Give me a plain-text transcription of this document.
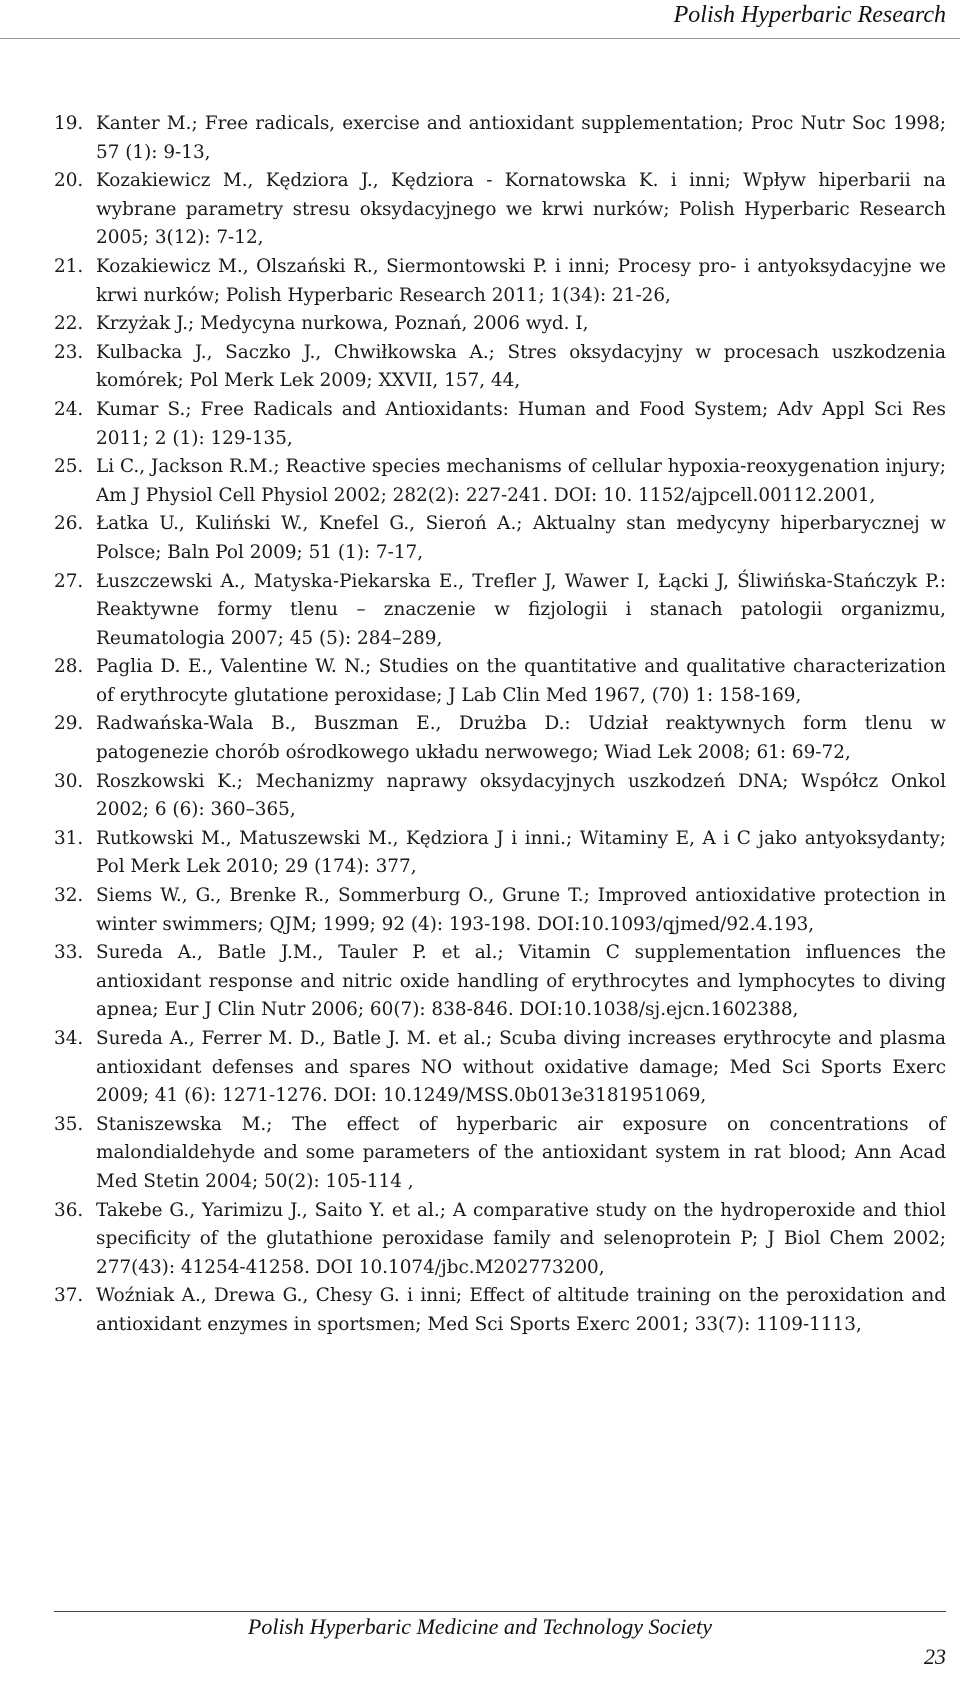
Polish Hyperbaric Research
19. Kanter M.; Free radicals, exercise and antioxidant supplementation; Proc Nutr Soc 1998; 57 (1): 9-13,
20. Kozakiewicz M., Kędziora J., Kędziora - Kornatowska K. i inni; Wpływ hiperbarii na wybrane parametry stresu oksydacyjnego we krwi nurków; Polish Hyperbaric Research 2005; 3(12): 7-12,
21. Kozakiewicz M., Olszański R., Siermontowski P. i inni; Procesy pro- i antyoksydacyjne we krwi nurków; Polish Hyperbaric Research 2011; 1(34): 21-26,
22. Krzyżak J.; Medycyna nurkowa, Poznań, 2006 wyd. I,
23. Kulbacka J., Saczko J., Chwiłkowska A.; Stres oksydacyjny w procesach uszkodzenia komórek; Pol Merk Lek 2009; XXVII, 157, 44,
24. Kumar S.; Free Radicals and Antioxidants: Human and Food System; Adv Appl Sci Res 2011; 2 (1): 129-135,
25. Li C., Jackson R.M.; Reactive species mechanisms of cellular hypoxia-reoxygenation injury; Am J Physiol Cell Physiol 2002; 282(2): 227-241. DOI: 10. 1152/ajpcell.00112.2001,
26. Łatka U., Kuliński W., Knefel G., Sieroń A.; Aktualny stan medycyny hiperbarycznej w Polsce; Baln Pol 2009; 51 (1): 7-17,
27. Łuszczewski A., Matyska-Piekarska E., Trefler J, Wawer I, Łącki J, Śliwińska-Stańczyk P.: Reaktywne formy tlenu – znaczenie w fizjologii i stanach patologii organizmu, Reumatologia 2007; 45 (5): 284–289,
28. Paglia D. E., Valentine W. N.; Studies on the quantitative and qualitative characterization of erythrocyte glutatione peroxidase; J Lab Clin Med 1967, (70) 1: 158-169,
29. Radwańska-Wala B., Buszman E., Drużba D.: Udział reaktywnych form tlenu w patogenezie chorób ośrodkowego układu nerwowego; Wiad Lek 2008; 61: 69-72,
30. Roszkowski K.; Mechanizmy naprawy oksydacyjnych uszkodzeń DNA; Współcz Onkol 2002; 6 (6): 360–365,
31. Rutkowski M., Matuszewski M., Kędziora J i inni.; Witaminy E, A i C jako antyoksydanty; Pol Merk Lek 2010; 29 (174): 377,
32. Siems W., G., Brenke R., Sommerburg O., Grune T.; Improved antioxidative protection in winter swimmers; QJM; 1999; 92 (4): 193-198. DOI:10.1093/qjmed/92.4.193,
33. Sureda A., Batle J.M., Tauler P. et al.; Vitamin C supplementation influences the antioxidant response and nitric oxide handling of erythrocytes and lymphocytes to diving apnea; Eur J Clin Nutr 2006; 60(7): 838-846. DOI:10.1038/sj.ejcn.1602388,
34. Sureda A., Ferrer M. D., Batle J. M. et al.; Scuba diving increases erythrocyte and plasma antioxidant defenses and spares NO without oxidative damage; Med Sci Sports Exerc 2009; 41 (6): 1271-1276. DOI: 10.1249/MSS.0b013e3181951069,
35. Staniszewska M.; The effect of hyperbaric air exposure on concentrations of malondialdehyde and some parameters of the antioxidant system in rat blood; Ann Acad Med Stetin 2004; 50(2): 105-114 ,
36. Takebe G., Yarimizu J., Saito Y. et al.; A comparative study on the hydroperoxide and thiol specificity of the glutathione peroxidase family and selenoprotein P; J Biol Chem 2002; 277(43): 41254-41258. DOI 10.1074/jbc.M202773200,
37. Woźniak A., Drewa G., Chesy G. i inni; Effect of altitude training on the peroxidation and antioxidant enzymes in sportsmen; Med Sci Sports Exerc 2001; 33(7): 1109-1113,
Polish Hyperbaric Medicine and Technology Society
23
